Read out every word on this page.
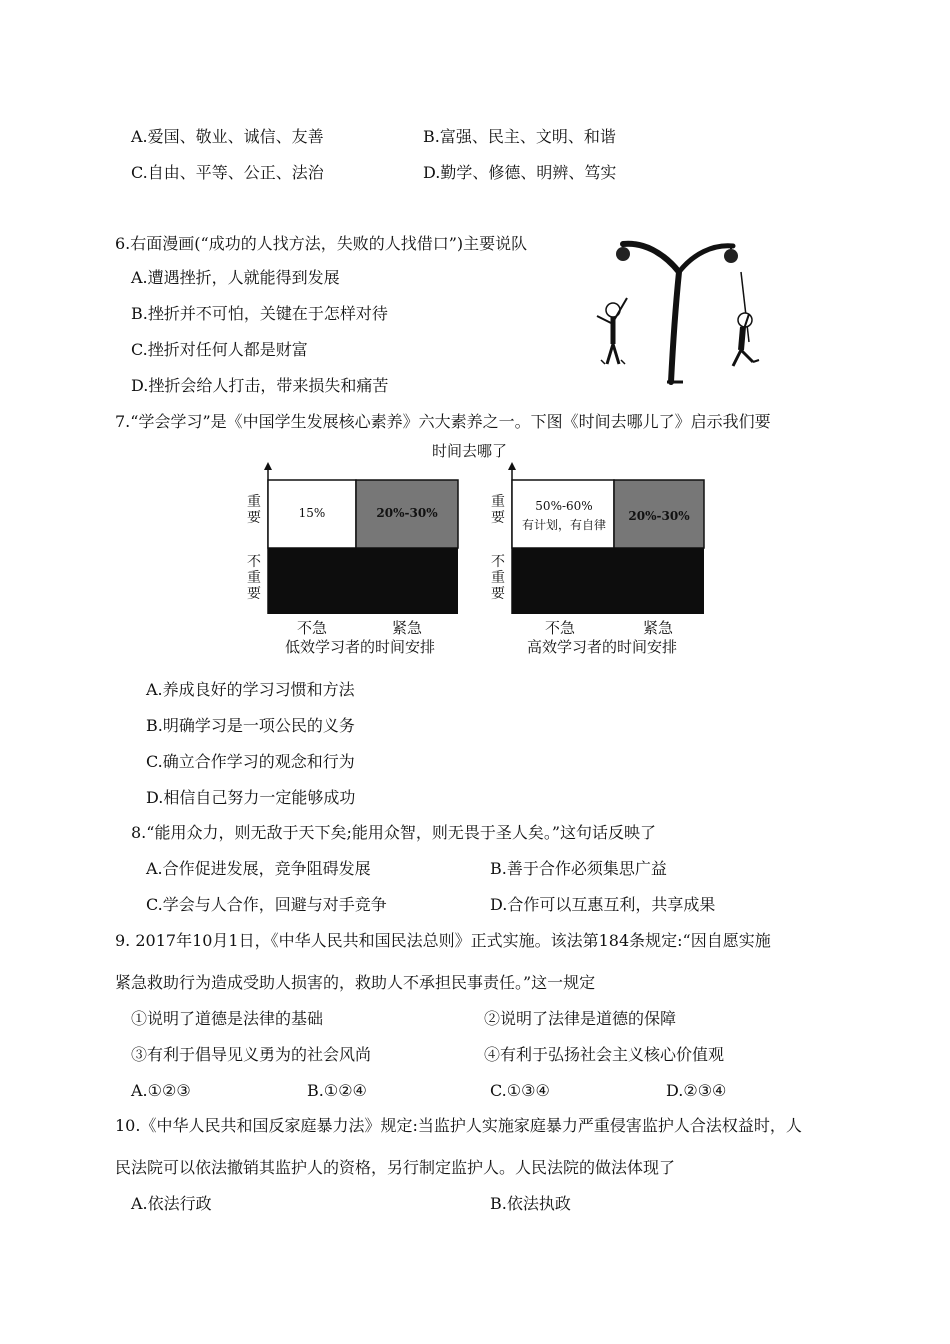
A.爱国、敬业、诚信、友善	B.富强、民主、文明、和谐
C.自由、平等、公正、法治	D.勤学、修德、明辨、笃实
6.右面漫画(“成功的人找方法，失败的人找借口”)主要说队
A.遭遇挫折，人就能得到发展
B.挫折并不可怕，关键在于怎样对待
C.挫折对任何人都是财富
D.挫折会给人打击，带来损失和痛苦
7.“学会学习”是《中国学生发展核心素养》六大素养之一。下图《时间去哪儿了》启示我们要
时间去哪了
15%	20%-30%
重要
不重要
不急	紧急
低效学习者的时间安排
50%-60%
有计划，有自律
20%-30%
重要
不重要
不急	紧急
高效学习者的时间安排
A.养成良好的学习习惯和方法
B.明确学习是一项公民的义务
C.确立合作学习的观念和行为
D.相信自己努力一定能够成功
8.“能用众力，则无敌于天下矣;能用众智，则无畏于圣人矣。”这句话反映了
A.合作促进发展，竞争阻碍发展	B.善于合作必须集思广益
C.学会与人合作，回避与对手竞争	D.合作可以互惠互利，共享成果
9. 2017年10月1日，《中华人民共和国民法总则》正式实施。该法第184条规定:“因自愿实施
紧急救助行为造成受助人损害的，救助人不承担民事责任。”这一规定
①说明了道德是法律的基础	②说明了法律是道德的保障
③有利于倡导见义勇为的社会风尚	④有利于弘扬社会主义核心价值观
A.①②③	B.①②④	C.①③④	D.②③④
10.《中华人民共和国反家庭暴力法》规定:当监护人实施家庭暴力严重侵害监护人合法权益时，人
民法院可以依法撤销其监护人的资格，另行制定监护人。人民法院的做法体现了
A.依法行政	B.依法执政
